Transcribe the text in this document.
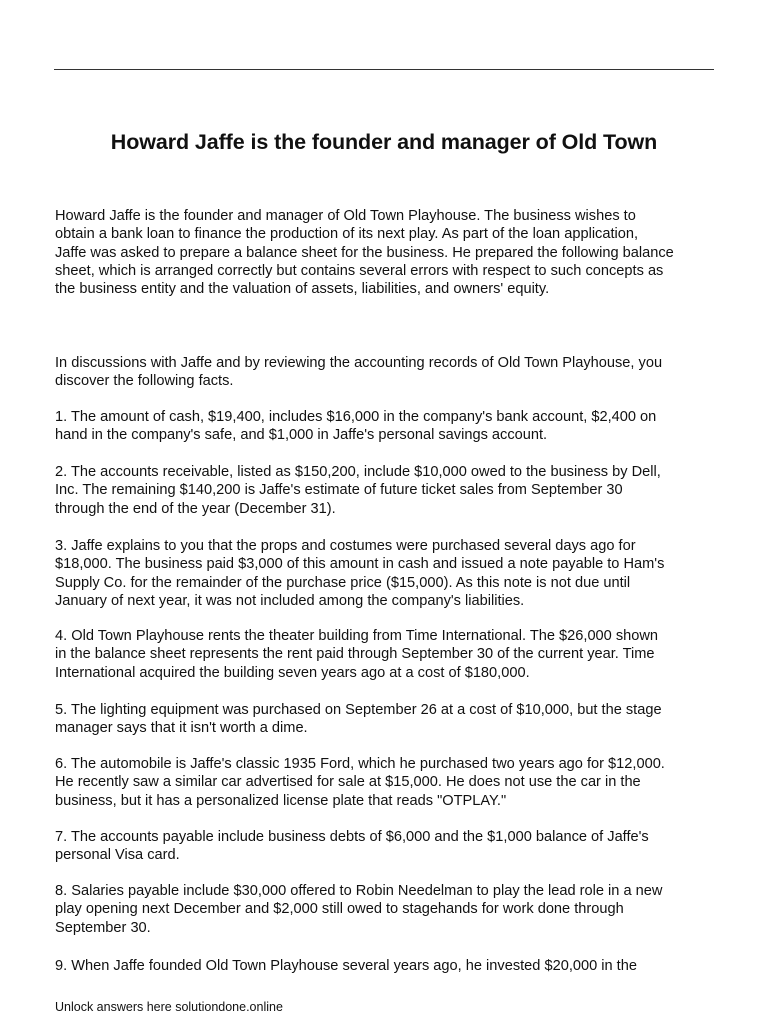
Howard Jaffe is the founder and manager of Old Town

Howard Jaffe is the founder and manager of Old Town Playhouse. The business wishes to
obtain a bank loan to finance the production of its next play. As part of the loan application,
Jaffe was asked to prepare a balance sheet for the business. He prepared the following balance
sheet, which is arranged correctly but contains several errors with respect to such concepts as
the business entity and the valuation of assets, liabilities, and owners' equity.

In discussions with Jaffe and by reviewing the accounting records of Old Town Playhouse, you
discover the following facts.

1. The amount of cash, $19,400, includes $16,000 in the company's bank account, $2,400 on
hand in the company's safe, and $1,000 in Jaffe's personal savings account.

2. The accounts receivable, listed as $150,200, include $10,000 owed to the business by Dell,
Inc. The remaining $140,200 is Jaffe's estimate of future ticket sales from September 30
through the end of the year (December 31).

3. Jaffe explains to you that the props and costumes were purchased several days ago for
$18,000. The business paid $3,000 of this amount in cash and issued a note payable to Ham's
Supply Co. for the remainder of the purchase price ($15,000). As this note is not due until
January of next year, it was not included among the company's liabilities.

4. Old Town Playhouse rents the theater building from Time International. The $26,000 shown
in the balance sheet represents the rent paid through September 30 of the current year. Time
International acquired the building seven years ago at a cost of $180,000.

5. The lighting equipment was purchased on September 26 at a cost of $10,000, but the stage
manager says that it isn't worth a dime.

6. The automobile is Jaffe's classic 1935 Ford, which he purchased two years ago for $12,000.
He recently saw a similar car advertised for sale at $15,000. He does not use the car in the
business, but it has a personalized license plate that reads "OTPLAY."

7. The accounts payable include business debts of $6,000 and the $1,000 balance of Jaffe's
personal Visa card.

8. Salaries payable include $30,000 offered to Robin Needelman to play the lead role in a new
play opening next December and $2,000 still owed to stagehands for work done through
September 30.

9. When Jaffe founded Old Town Playhouse several years ago, he invested $20,000 in the

Unlock answers here solutiondone.online
